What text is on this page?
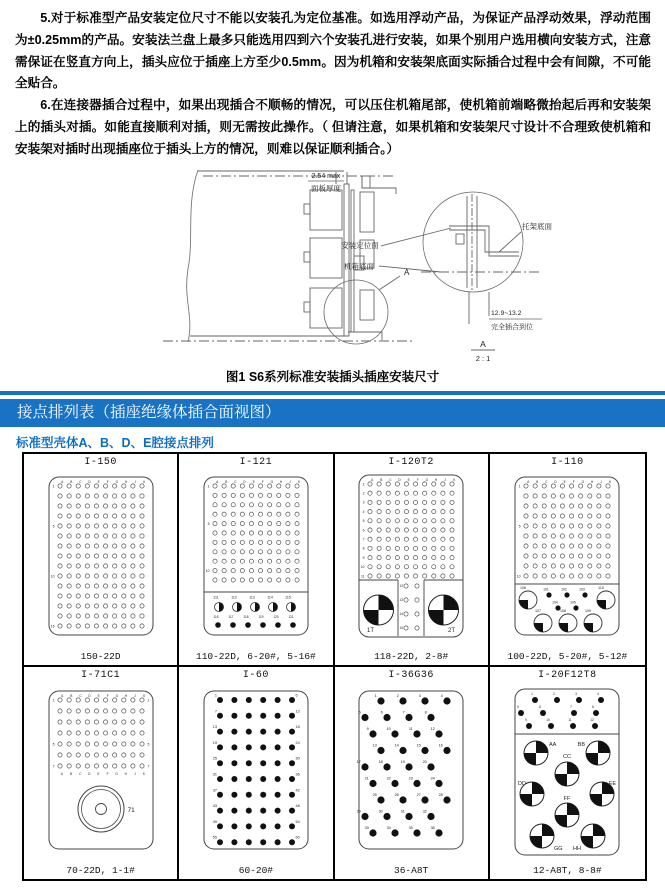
5.对于标准型产品安装定位尺寸不能以安装孔为定位基准。如选用浮动产品，为保证产品浮动效果，浮动范围为±0.25mm的产品。安装法兰盘上最多只能选用四到六个安装孔进行安装，如果个别用户选用横向安装方式，注意需保证在竖直方向上，插头应位于插座上方至少0.5mm。因为机箱和安装架底面实际插合过程中会有间隙，不可能全贴合。

6.在连接器插合过程中，如果出现插合不顺畅的情况，可以压住机箱尾部，使机箱前端略微抬起后再和安装架上的插头对插。如能直接顺利对插，则无需按此操作。（ 但请注意，如果机箱和安装架尺寸设计不合理致使机箱和安装架对插时出现插座位于插头上方的情况，则难以保证顺利插合。）

2.54 max
面板厚度
A
安装定位面
机箱底面
托架底面
12.9~13.2
完全插合到位
A
2 : 1
图1 S6系列标准安装插头插座安装尺寸
接点排列表（插座绝缘体插合面视图）
标准型壳体A、B、D、E腔接点排列
I-150
A B C D E F G H J K
1
5
10
15
150-22D
I-121
A B C D E F G H J K
1
5
10
111	112	113	114	115
116	117	118	119	120	121
110-22D, 6-20#, 5-16#
I-120T2
A B C D E F G H J K
1
2
3
4
5
6
7
8
9
10
11
1T	2T
12
13
14
15
118-22D, 2-8#
I-110
A B C D E F G H J K
1
5
10
101	102	103
104	105
106
107	108	109
110
100-22D, 5-20#, 5-12#
I-71C1
A B C D E F G H J K
1
5
7
A B C D E F G H J K
1
5
7
71
70-22D, 1-1#
I-60
1	6
7	12
13	18
19	24
25	30
31	36
37	42
43	48
49	54
55	60
60-20#
I-36G36
1	2	3	4
5	6	7	8
9	10	11	12
13	14	15	16
17	18	19	20
21	22	23	24
25	26	27	28
29	30	31	32
33	34	35	36
36-A8T
I-20F12T8
1	2	3	4
5	6	7	8
9	10	11	12
AA	BB
CC
DD	EE
FF
GG HH
12-A8T, 8-8#
